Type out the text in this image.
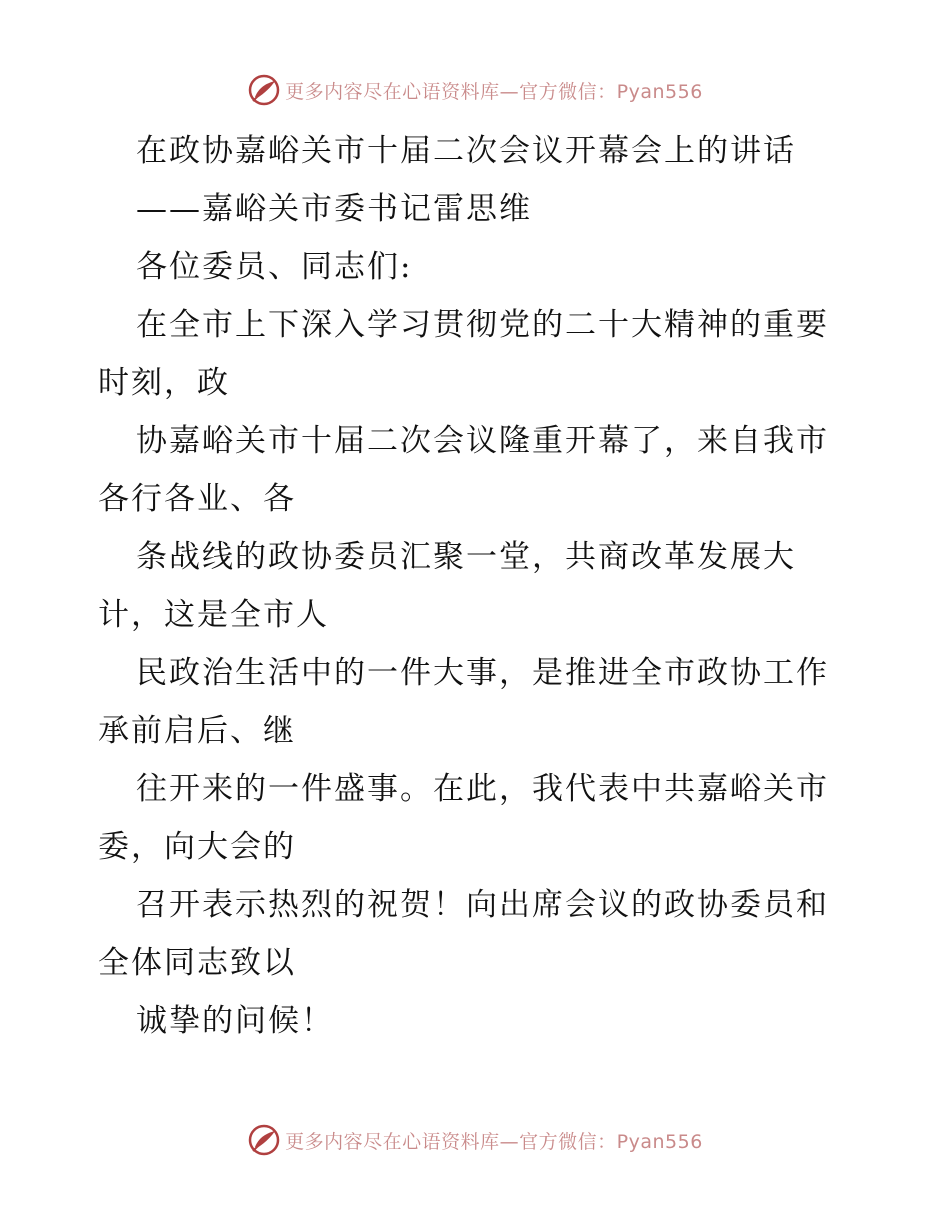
更多内容尽在心语资料库—官方微信：Pyan556
在政协嘉峪关市十届二次会议开幕会上的讲话
——嘉峪关市委书记雷思维
各位委员、同志们:
在全市上下深入学习贯彻党的二十大精神的重要
时刻，政
协嘉峪关市十届二次会议隆重开幕了，来自我市
各行各业、各
条战线的政协委员汇聚一堂，共商改革发展大
计，这是全市人
民政治生活中的一件大事，是推进全市政协工作
承前启后、继
往开来的一件盛事。在此，我代表中共嘉峪关市
委，向大会的
召开表示热烈的祝贺！向出席会议的政协委员和
全体同志致以
诚挚的问候！
更多内容尽在心语资料库—官方微信：Pyan556
